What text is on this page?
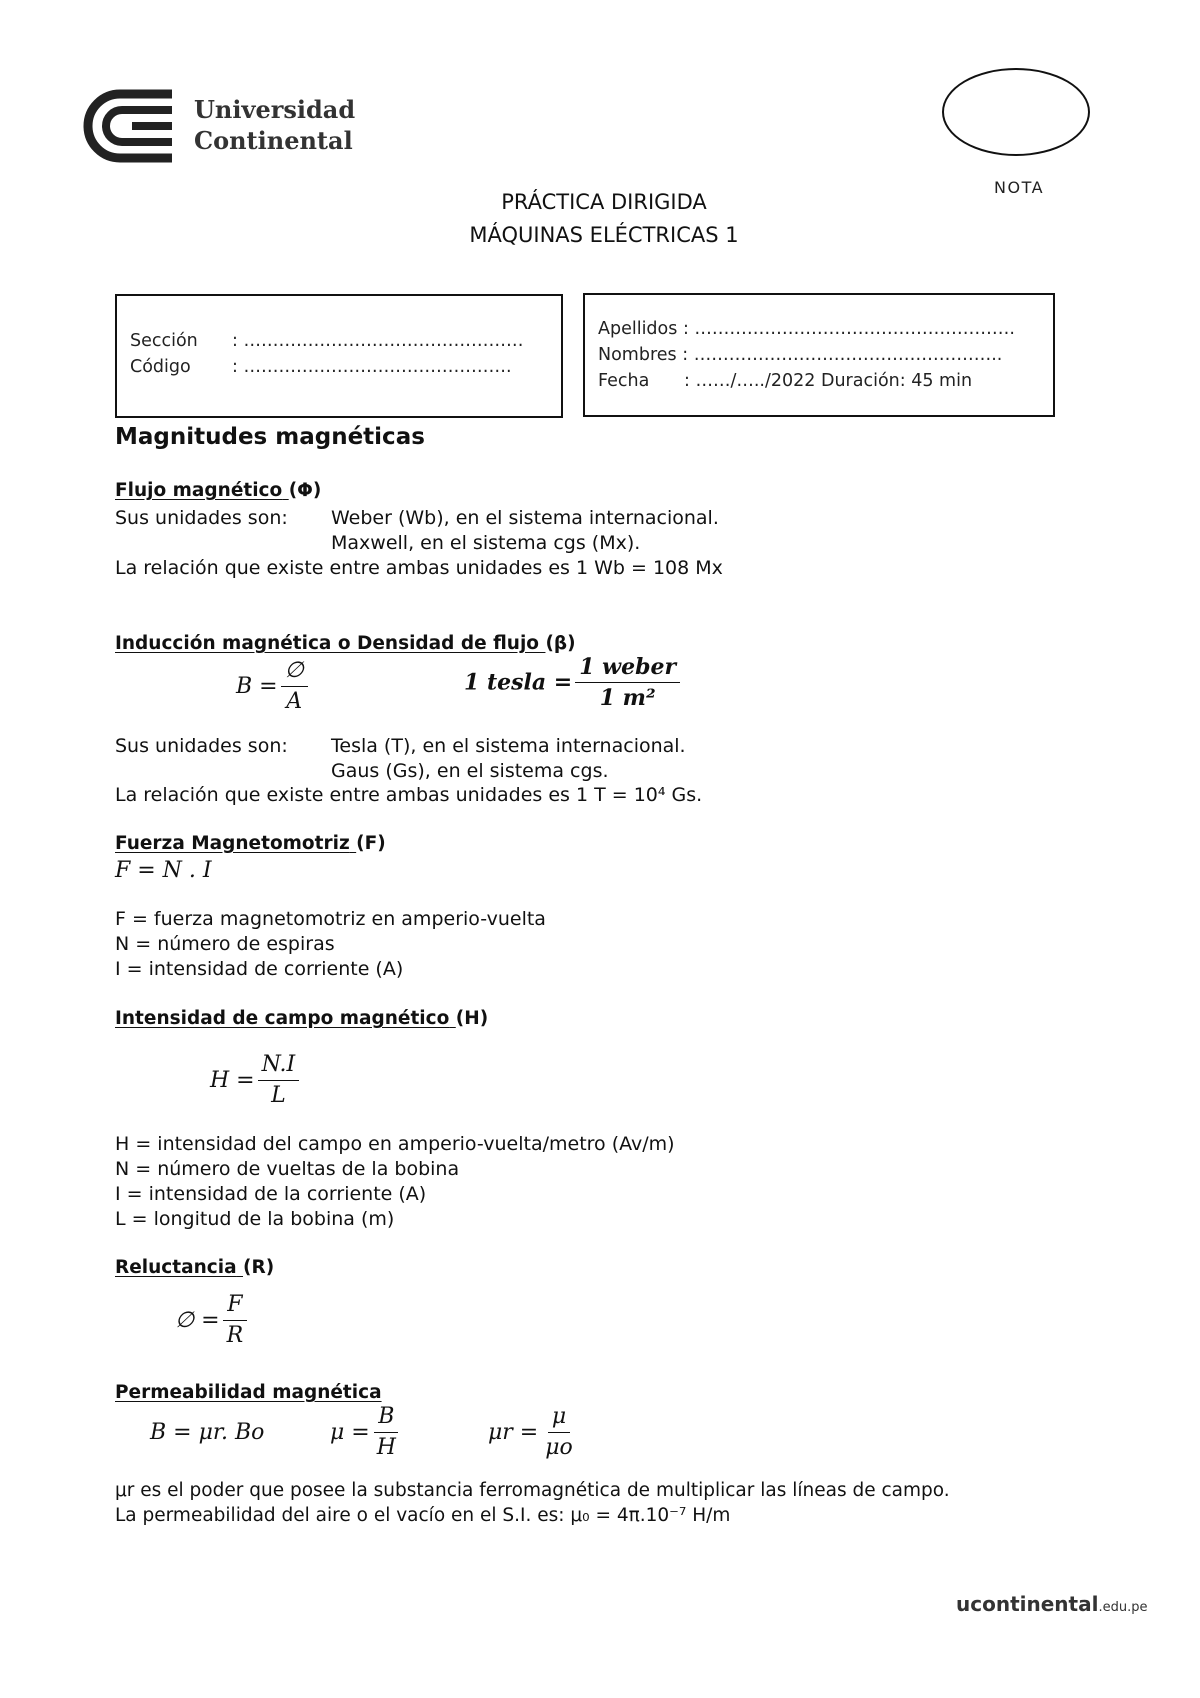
Universidad
Continental
NOTA
PRÁCTICA DIRIGIDA
MÁQUINAS ELÉCTRICAS 1
Sección : …………………………………………
Código : ……………………………………….
Apellidos : ……………………………………………….
Nombres : ……………………………………………..
Fecha : ……/…../2022 Duración: 45 min
Magnitudes magnéticas
Flujo magnético (Φ)
Sus unidades son: Weber (Wb), en el sistema internacional.
Maxwell, en el sistema cgs (Mx).
La relación que existe entre ambas unidades es 1 Wb = 108 Mx
Inducción magnética o Densidad de flujo (β)
$B = \frac{\emptyset}{A}$	1 tesla = $\frac{\text{1 weber}}{\text{1 m²}}$
Sus unidades son: Tesla (T), en el sistema internacional.
Gaus (Gs), en el sistema cgs.
La relación que existe entre ambas unidades es 1 T = 10⁴ Gs.
Fuerza Magnetomotriz (F)
F = N . I
F = fuerza magnetomotriz en amperio-vuelta
N = número de espiras
I = intensidad de corriente (A)
Intensidad de campo magnético (H)
$H = \frac{N.I}{L}$
H = intensidad del campo en amperio-vuelta/metro (Av/m)
N = número de vueltas de la bobina
I = intensidad de la corriente (A)
L = longitud de la bobina (m)
Reluctancia (R)
∅ = $\frac{F}{R}$
Permeabilidad magnética
B = μr. Bo	$\mu = \frac{B}{H}$	$\mu r = \frac{\mu}{\mu o}$
μr es el poder que posee la substancia ferromagnética de multiplicar las líneas de campo.
La permeabilidad del aire o el vacío en el S.I. es: μ₀ = 4π.10⁻⁷ H/m
ucontinental.edu.pe
